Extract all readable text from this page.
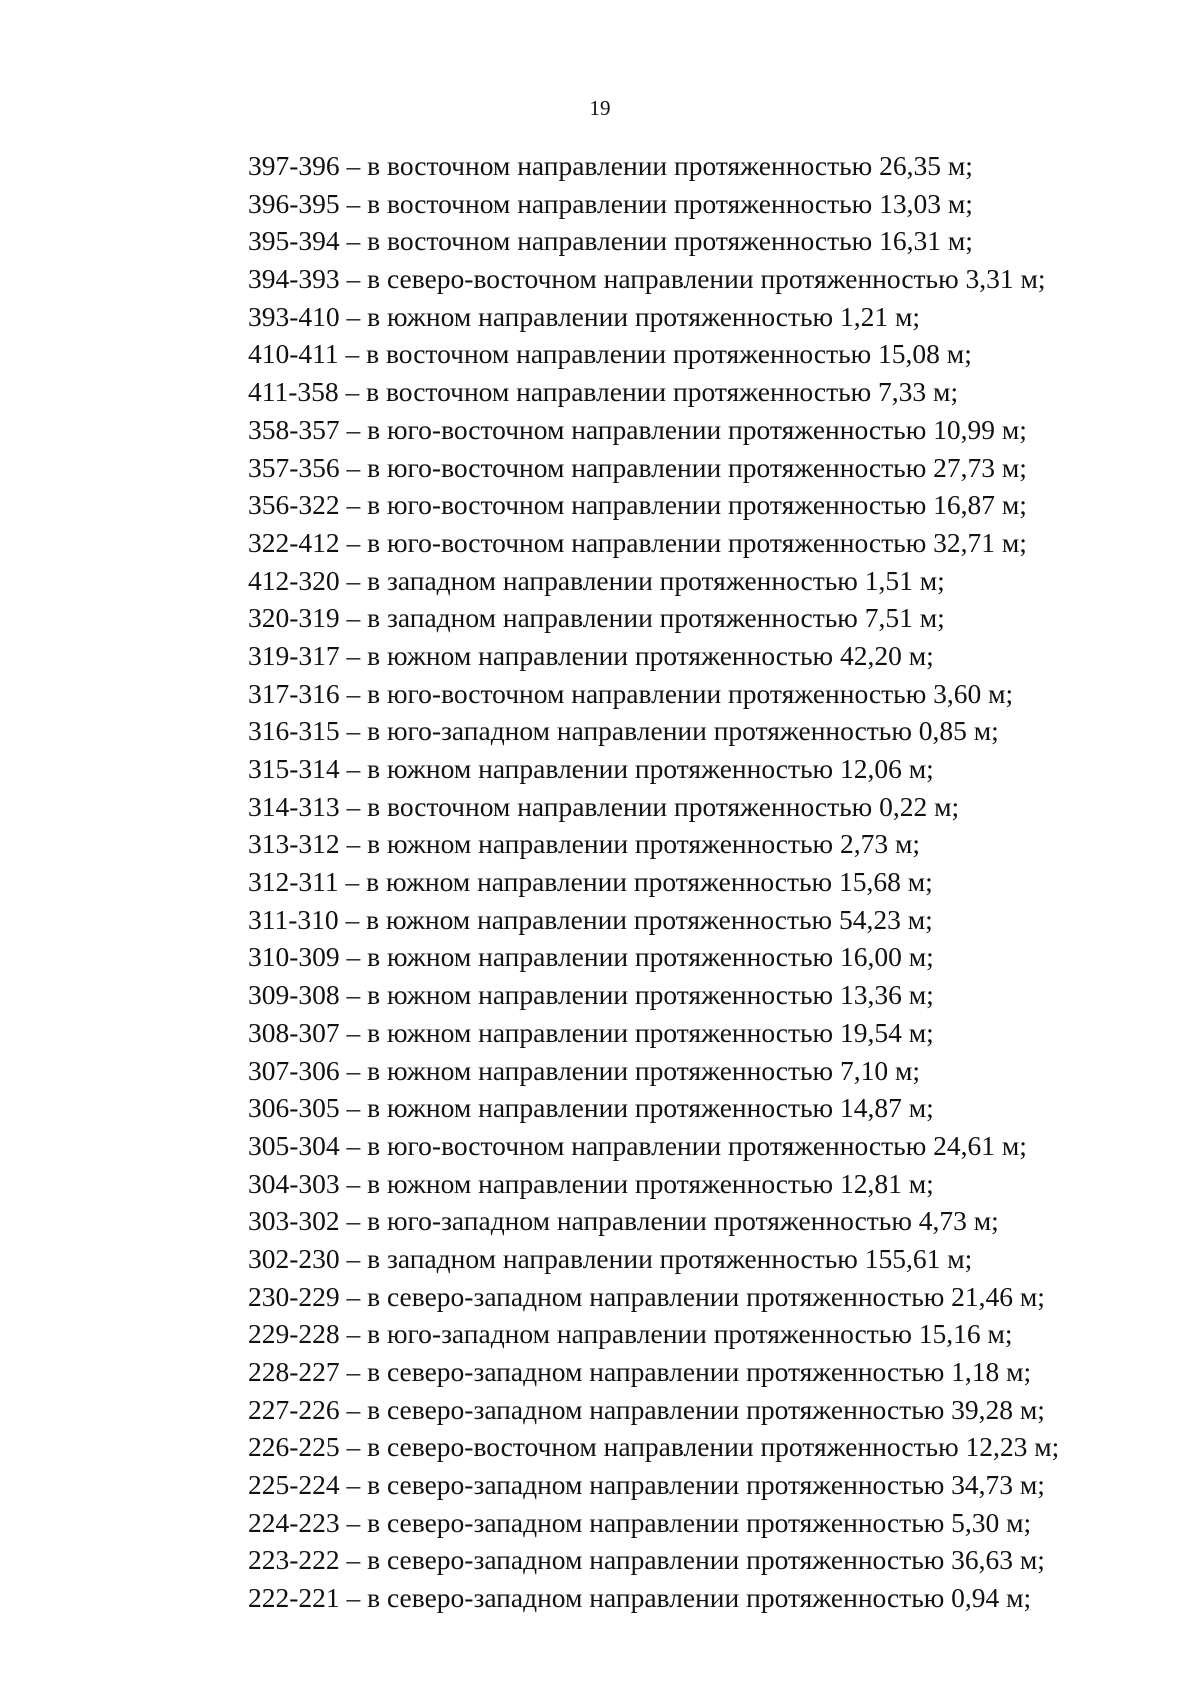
19
397-396 – в восточном направлении протяженностью 26,35 м;
396-395 – в восточном направлении протяженностью 13,03 м;
395-394 – в восточном направлении протяженностью 16,31 м;
394-393 – в северо-восточном направлении протяженностью 3,31 м;
393-410 – в южном направлении протяженностью 1,21 м;
410-411 – в восточном направлении протяженностью 15,08 м;
411-358 – в восточном направлении протяженностью 7,33 м;
358-357 – в юго-восточном направлении протяженностью 10,99 м;
357-356 – в юго-восточном направлении протяженностью 27,73 м;
356-322 – в юго-восточном направлении протяженностью 16,87 м;
322-412 – в юго-восточном направлении протяженностью 32,71 м;
412-320 – в западном направлении протяженностью 1,51 м;
320-319 – в западном направлении протяженностью 7,51 м;
319-317 – в южном направлении протяженностью 42,20 м;
317-316 – в юго-восточном направлении протяженностью 3,60 м;
316-315 – в юго-западном направлении протяженностью 0,85 м;
315-314 – в южном направлении протяженностью 12,06 м;
314-313 – в восточном направлении протяженностью 0,22 м;
313-312 – в южном направлении протяженностью 2,73 м;
312-311 – в южном направлении протяженностью 15,68 м;
311-310 – в южном направлении протяженностью 54,23 м;
310-309 – в южном направлении протяженностью 16,00 м;
309-308 – в южном направлении протяженностью 13,36 м;
308-307 – в южном направлении протяженностью 19,54 м;
307-306 – в южном направлении протяженностью 7,10 м;
306-305 – в южном направлении протяженностью 14,87 м;
305-304 – в юго-восточном направлении протяженностью 24,61 м;
304-303 – в южном направлении протяженностью 12,81 м;
303-302 – в юго-западном направлении протяженностью 4,73 м;
302-230 – в западном направлении протяженностью 155,61 м;
230-229 – в северо-западном направлении протяженностью 21,46 м;
229-228 – в юго-западном направлении протяженностью 15,16 м;
228-227 – в северо-западном направлении протяженностью 1,18 м;
227-226 – в северо-западном направлении протяженностью 39,28 м;
226-225 – в северо-восточном направлении протяженностью 12,23 м;
225-224 – в северо-западном направлении протяженностью 34,73 м;
224-223 – в северо-западном направлении протяженностью 5,30 м;
223-222 – в северо-западном направлении протяженностью 36,63 м;
222-221 – в северо-западном направлении протяженностью 0,94 м;
